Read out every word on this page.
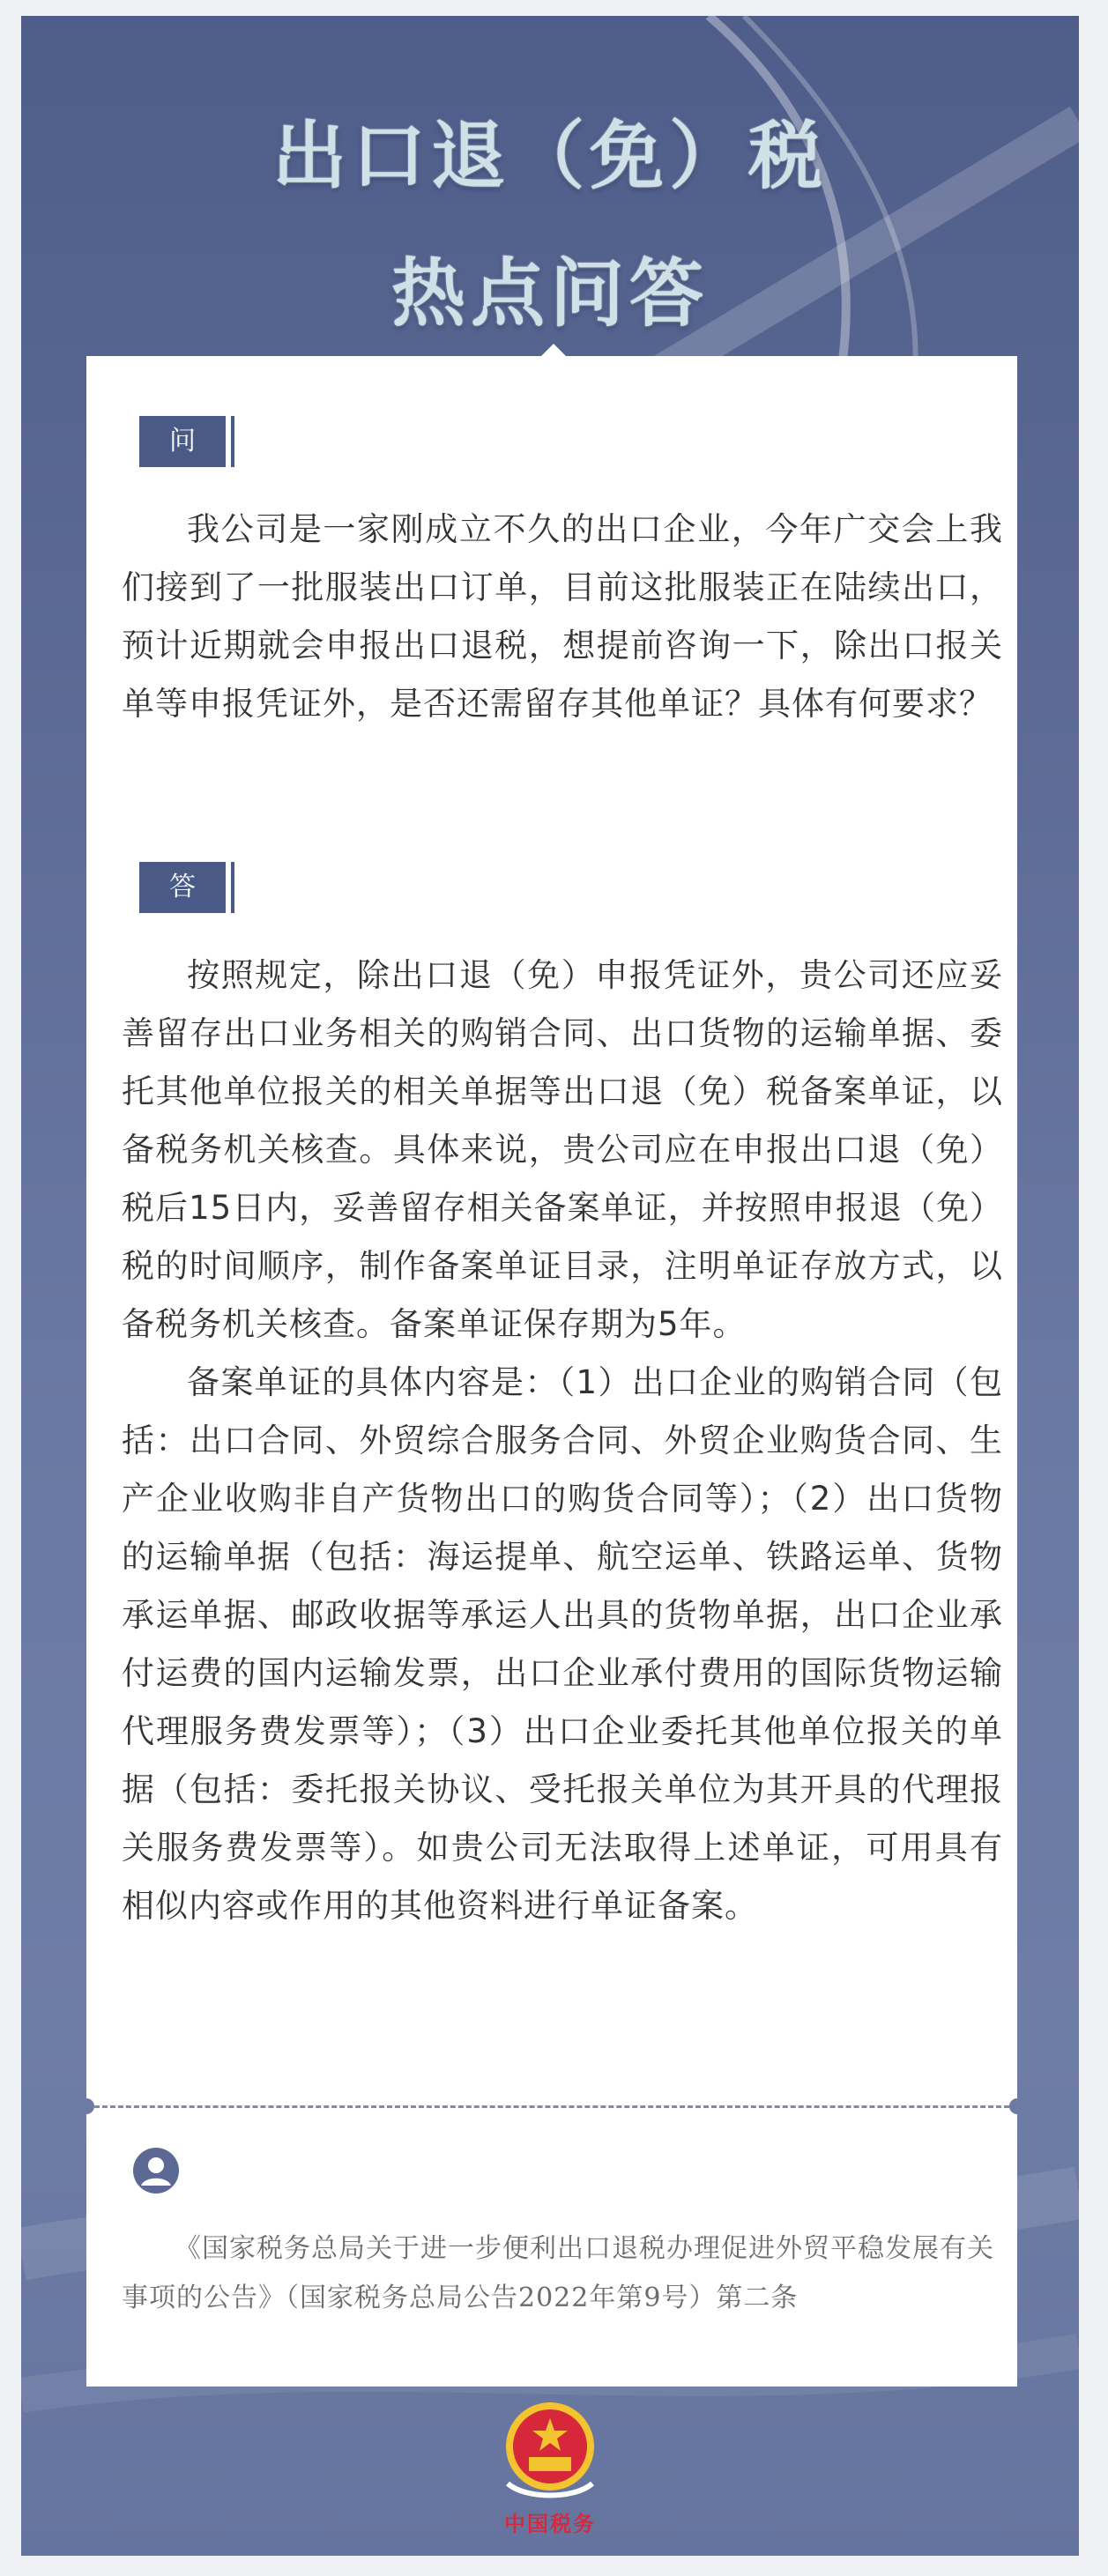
出口退（免）税
热点问答
问

我公司是一家刚成立不久的出口企业，今年广交会上我们接到了一批服装出口订单，目前这批服装正在陆续出口，预计近期就会申报出口退税，想提前咨询一下，除出口报关单等申报凭证外，是否还需留存其他单证？具体有何要求？

答

按照规定，除出口退（免）申报凭证外，贵公司还应妥善留存出口业务相关的购销合同、出口货物的运输单据、委托其他单位报关的相关单据等出口退（免）税备案单证，以备税务机关核查。具体来说，贵公司应在申报出口退（免）税后15日内，妥善留存相关备案单证，并按照申报退（免）税的时间顺序，制作备案单证目录，注明单证存放方式，以备税务机关核查。备案单证保存期为5年。

备案单证的具体内容是：（1）出口企业的购销合同（包括：出口合同、外贸综合服务合同、外贸企业购货合同、生产企业收购非自产货物出口的购货合同等）；（2）出口货物的运输单据（包括：海运提单、航空运单、铁路运单、货物承运单据、邮政收据等承运人出具的货物单据，出口企业承付运费的国内运输发票，出口企业承付费用的国际货物运输代理服务费发票等）；（3）出口企业委托其他单位报关的单据（包括：委托报关协议、受托报关单位为其开具的代理报关服务费发票等）。如贵公司无法取得上述单证，可用具有相似内容或作用的其他资料进行单证备案。

《国家税务总局关于进一步便利出口退税办理促进外贸平稳发展有关事项的公告》（国家税务总局公告2022年第9号）第二条

中国税务
